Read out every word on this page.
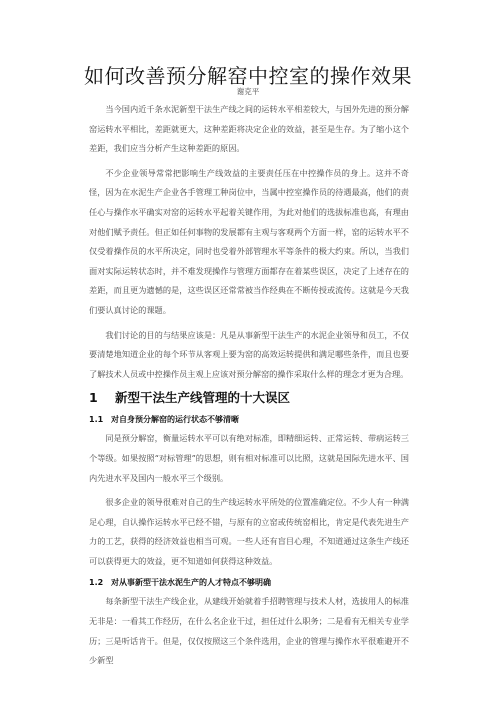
如何改善预分解窑中控室的操作效果
谢克平

当今国内近千条水泥新型干法生产线之间的运转水平相差较大，与国外先进的预分解窑运转水平相比，差距就更大，这种差距将决定企业的效益，甚至是生存。为了缩小这个差距，我们应当分析产生这种差距的原因。

不少企业领导常常把影响生产线效益的主要责任压在中控操作员的身上。这并不奇怪，因为在水泥生产企业各手管理工种岗位中，当属中控室操作员的待遇最高，他们的责任心与操作水平确实对窑的运转水平起着关键作用，为此对他们的选拔标准也高，有理由对他们赋予责任。但正如任何事物的发展都有主观与客观两个方面一样，窑的运转水平不仅受着操作员的水平所决定，同时也受着外部管理水平等条件的极大约束。所以，当我们面对实际运转状态时，并不难发现操作与管理方面都存在着某些误区，决定了上述存在的差距，而且更为遗憾的是，这些误区还常常被当作经典在不断传授或流传。这就是今天我们要认真讨论的课题。

我们讨论的目的与结果应该是：凡是从事新型干法生产的水泥企业领导和员工，不仅要清楚地知道企业的每个环节从客观上要为窑的高效运转提供和满足哪些条件，而且也要了解技术人员或中控操作员主观上应该对预分解窑的操作采取什么样的理念才更为合理。

1 新型干法生产线管理的十大误区
1.1 对自身预分解窑的运行状态不够清晰

同是预分解窑，衡量运转水平可以有绝对标准，即精细运转、正常运转、带病运转三个等级。如果按照“对标管理”的思想，则有相对标准可以比照，这就是国际先进水平、国内先进水平及国内一般水平三个级别。

很多企业的领导很难对自己的生产线运转水平所处的位置准确定位。不少人有一种满足心理，自认操作运转水平已经不错，与原有的立窑或传统窑相比，肯定是代表先进生产力的工艺，获得的经济效益也相当可观。一些人还有盲目心理，不知道通过这条生产线还可以获得更大的效益，更不知道如何获得这种效益。

1.2 对从事新型干法水泥生产的人才特点不够明确

每条新型干法生产线企业，从建线开始就着手招聘管理与技术人材，选拔用人的标准无非是：一看其工作经历，在什么名企业干过，担任过什么职务；二是看有无相关专业学历；三是听话肯干。但是，仅仅按照这三个条件选用，企业的管理与操作水平很难避开不少新型
